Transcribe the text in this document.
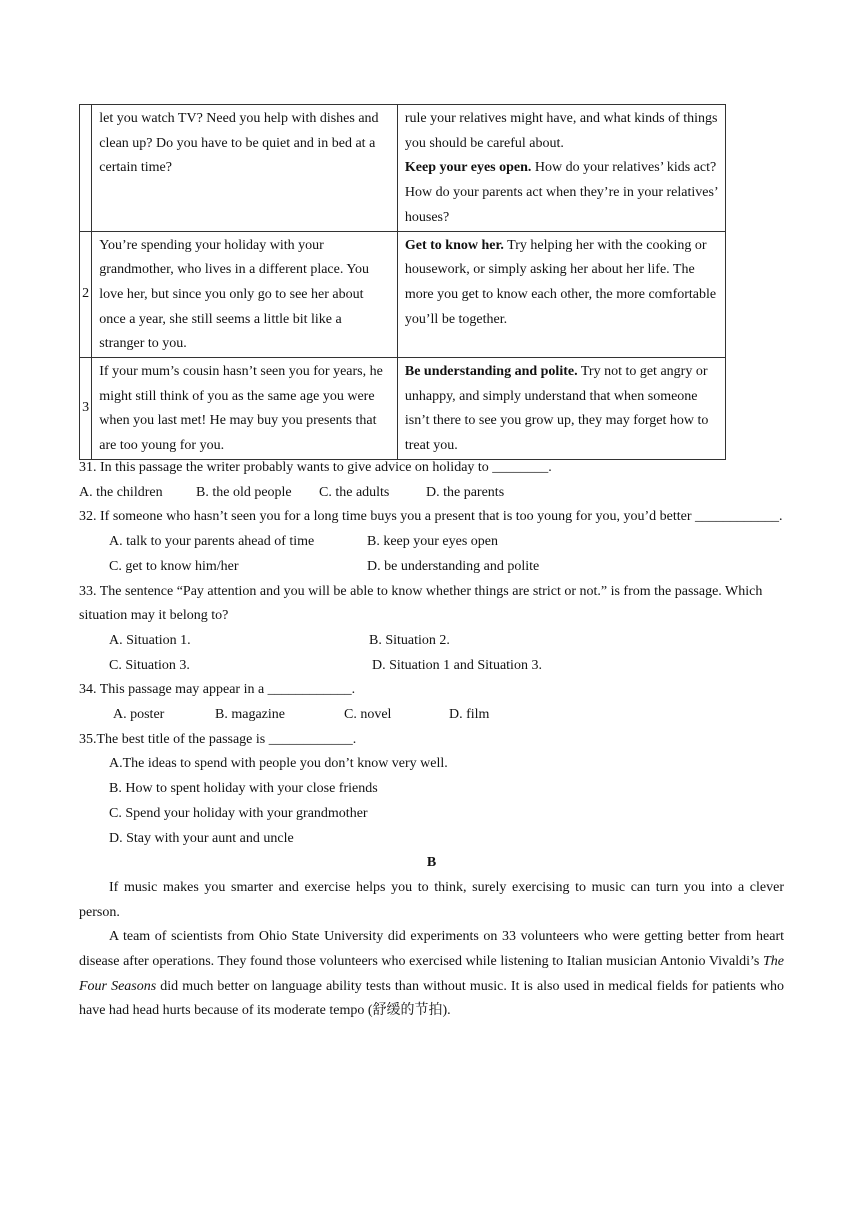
	let you watch TV? Need you help with dishes and clean up? Do you have to be quiet and in bed at a certain time?	rule your relatives might have, and what kinds of things you should be careful about.
Keep your eyes open. How do your relatives’ kids act? How do your parents act when they’re in your relatives’ houses?
2	You’re spending your holiday with your grandmother, who lives in a different place. You love her, but since you only go to see her about once a year, she still seems a little bit like a stranger to you.	Get to know her. Try helping her with the cooking or housework, or simply asking her about her life. The more you get to know each other, the more comfortable you’ll be together.
3	If your mum’s cousin hasn’t seen you for years, he might still think of you as the same age you were when you last met! He may buy you presents that are too young for you.	Be understanding and polite. Try not to get angry or unhappy, and simply understand that when someone isn’t there to see you grow up, they may forget how to treat you.
31. In this passage the writer probably wants to give advice on holiday to ________.
A. the children B. the old people C. the adults	D. the parents
32. If someone who hasn’t seen you for a long time buys you a present that is too young for you, you’d better ____________.
A. talk to your parents ahead of time	B. keep your eyes open
C. get to know him/her	D. be understanding and polite
33. The sentence “Pay attention and you will be able to know whether things are strict or not.” is from the passage. Which situation may it belong to?
A. Situation 1.	B. Situation 2.
C. Situation 3.	D. Situation 1 and Situation 3.
34. This passage may appear in a ____________.
A. poster	B. magazine	C. novel	D. film
35.The best title of the passage is ____________.
A.The ideas to spend with people you don’t know very well.
B. How to spent holiday with your close friends
C. Spend your holiday with your grandmother
D. Stay with your aunt and uncle
B
If music makes you smarter and exercise helps you to think, surely exercising to music can turn you into a clever person.
A team of scientists from Ohio State University did experiments on 33 volunteers who were getting better from heart disease after operations. They found those volunteers who exercised while listening to Italian musician Antonio Vivaldi’s The Four Seasons did much better on language ability tests than without music. It is also used in medical fields for patients who have had head hurts because of its moderate tempo (舒缓的节拍).
